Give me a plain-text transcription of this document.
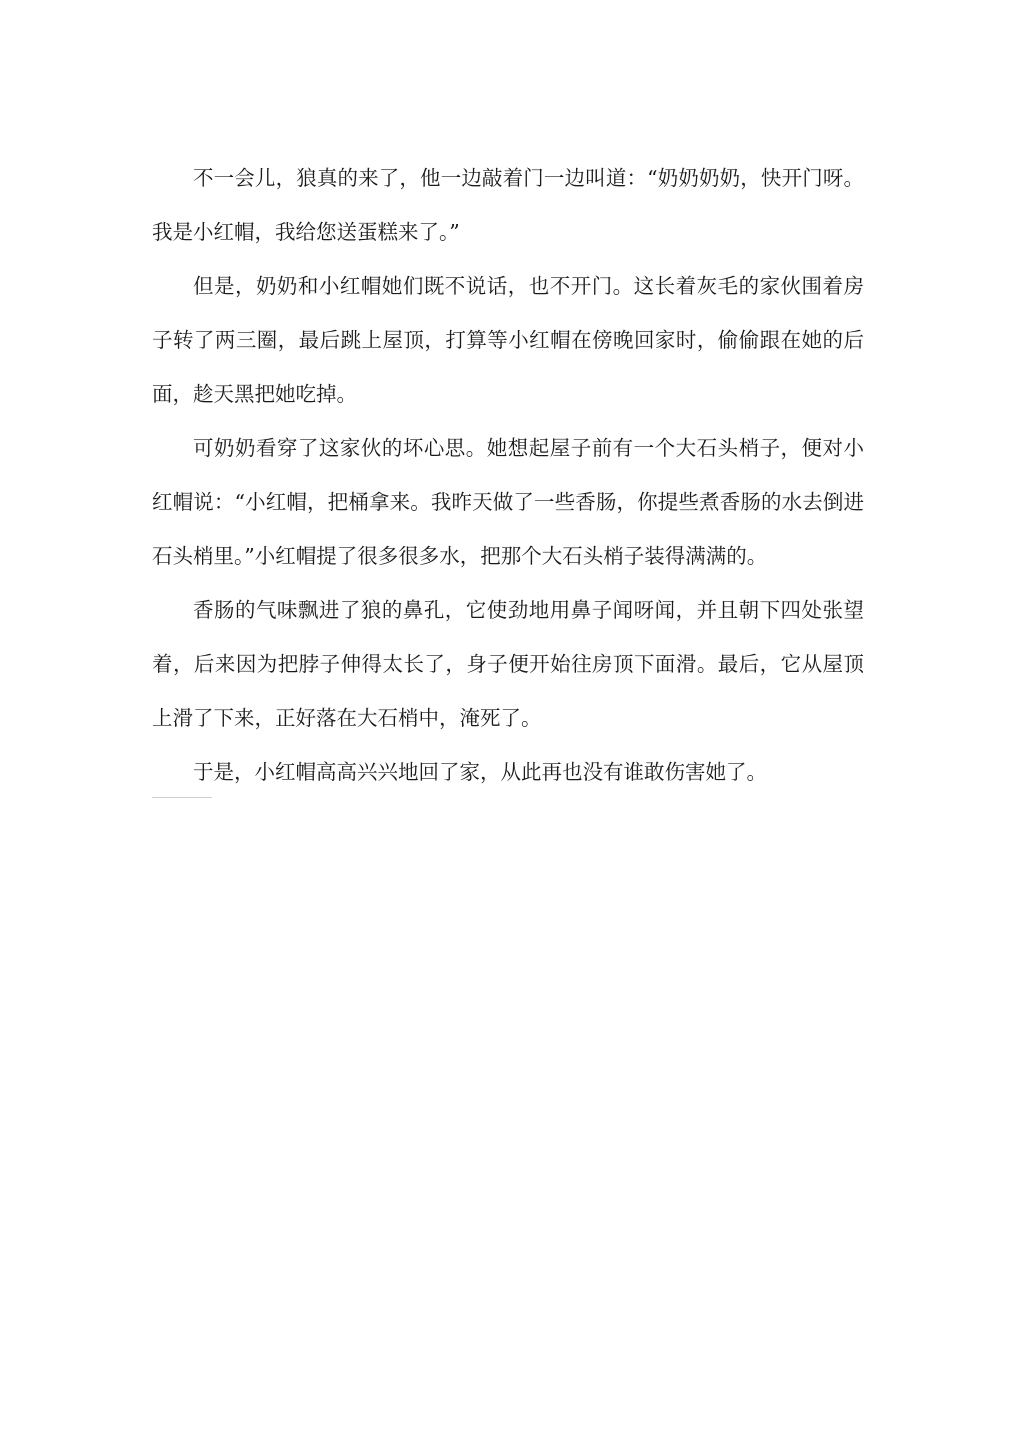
不一会儿，狼真的来了，他一边敲着门一边叫道：“奶奶奶奶，快开门呀。我是小红帽，我给您送蛋糕来了。”

但是，奶奶和小红帽她们既不说话，也不开门。这长着灰毛的家伙围着房子转了两三圈，最后跳上屋顶，打算等小红帽在傍晚回家时，偷偷跟在她的后面，趁天黑把她吃掉。

可奶奶看穿了这家伙的坏心思。她想起屋子前有一个大石头梢子，便对小红帽说：“小红帽，把桶拿来。我昨天做了一些香肠，你提些煮香肠的水去倒进石头梢里。”小红帽提了很多很多水，把那个大石头梢子装得满满的。

香肠的气味飘进了狼的鼻孔，它使劲地用鼻子闻呀闻，并且朝下四处张望着，后来因为把脖子伸得太长了，身子便开始往房顶下面滑。最后，它从屋顶上滑了下来，正好落在大石梢中，淹死了。

于是，小红帽高高兴兴地回了家，从此再也没有谁敢伤害她了。
